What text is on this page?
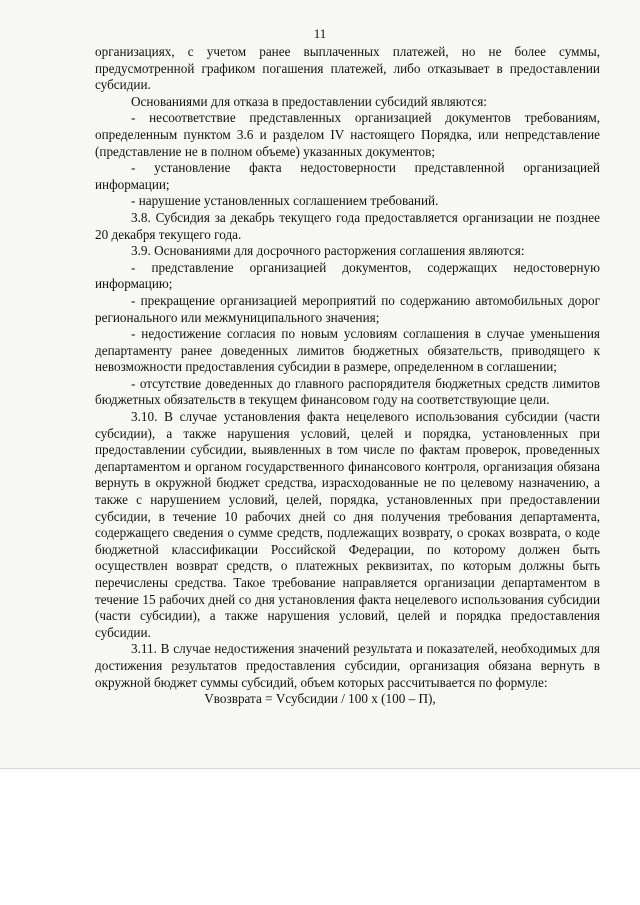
11

организациях, с учетом ранее выплаченных платежей, но не более суммы, предусмотренной графиком погашения платежей, либо отказывает в предоставлении субсидии.

Основаниями для отказа в предоставлении субсидий являются:

- несоответствие представленных организацией документов требованиям, определенным пунктом 3.6 и разделом IV настоящего Порядка, или непредставление (представление не в полном объеме) указанных документов;

- установление факта недостоверности представленной организацией информации;

- нарушение установленных соглашением требований.

3.8. Субсидия за декабрь текущего года предоставляется организации не позднее 20 декабря текущего года.

3.9. Основаниями для досрочного расторжения соглашения являются:

- представление организацией документов, содержащих недостоверную информацию;

- прекращение организацией мероприятий по содержанию автомобильных дорог регионального или межмуниципального значения;

- недостижение согласия по новым условиям соглашения в случае уменьшения департаменту ранее доведенных лимитов бюджетных обязательств, приводящего к невозможности предоставления субсидии в размере, определенном в соглашении;

- отсутствие доведенных до главного распорядителя бюджетных средств лимитов бюджетных обязательств в текущем финансовом году на соответствующие цели.

3.10. В случае установления факта нецелевого использования субсидии (части субсидии), а также нарушения условий, целей и порядка, установленных при предоставлении субсидии, выявленных в том числе по фактам проверок, проведенных департаментом и органом государственного финансового контроля, организация обязана вернуть в окружной бюджет средства, израсходованные не по целевому назначению, а также с нарушением условий, целей, порядка, установленных при предоставлении субсидии, в течение 10 рабочих дней со дня получения требования департамента, содержащего сведения о сумме средств, подлежащих возврату, о сроках возврата, о коде бюджетной классификации Российской Федерации, по которому должен быть осуществлен возврат средств, о платежных реквизитах, по которым должны быть перечислены средства. Такое требование направляется организации департаментом в течение 15 рабочих дней со дня установления факта нецелевого использования субсидии (части субсидии), а также нарушения условий, целей и порядка предоставления субсидии.

3.11. В случае недостижения значений результата и показателей, необходимых для достижения результатов предоставления субсидии, организация обязана вернуть в окружной бюджет суммы субсидий, объем которых рассчитывается по формуле:

Vвозврата = Vсубсидии / 100 х (100 – П),
